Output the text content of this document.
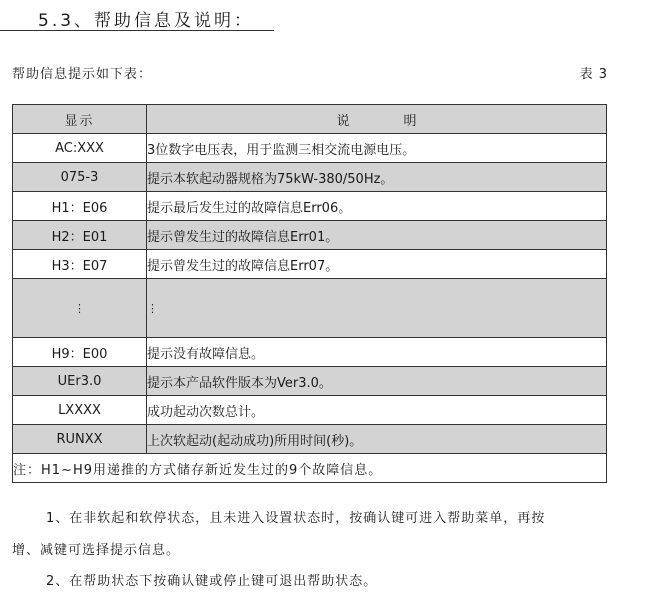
5.3、帮助信息及说明：
帮助信息提示如下表：	表 3
显示	说 明
AC:XXX	3位数字电压表，用于监测三相交流电源电压。
075-3	提示本软起动器规格为75kW-380/50Hz。
H1：E06	提示最后发生过的故障信息Err06。
H2：E01	提示曾发生过的故障信息Err01。
H3：E07	提示曾发生过的故障信息Err07。
⋮	⋮
H9：E00	提示没有故障信息。
UEr3.0	提示本产品软件版本为Ver3.0。
LXXXX	成功起动次数总计。
RUNXX	上次软起动(起动成功)所用时间(秒)。
注：H1~H9用递推的方式储存新近发生过的9个故障信息。	
1、在非软起和软停状态，且未进入设置状态时，按确认键可进入帮助菜单，再按
增、减键可选择提示信息。
2、在帮助状态下按确认键或停止键可退出帮助状态。
